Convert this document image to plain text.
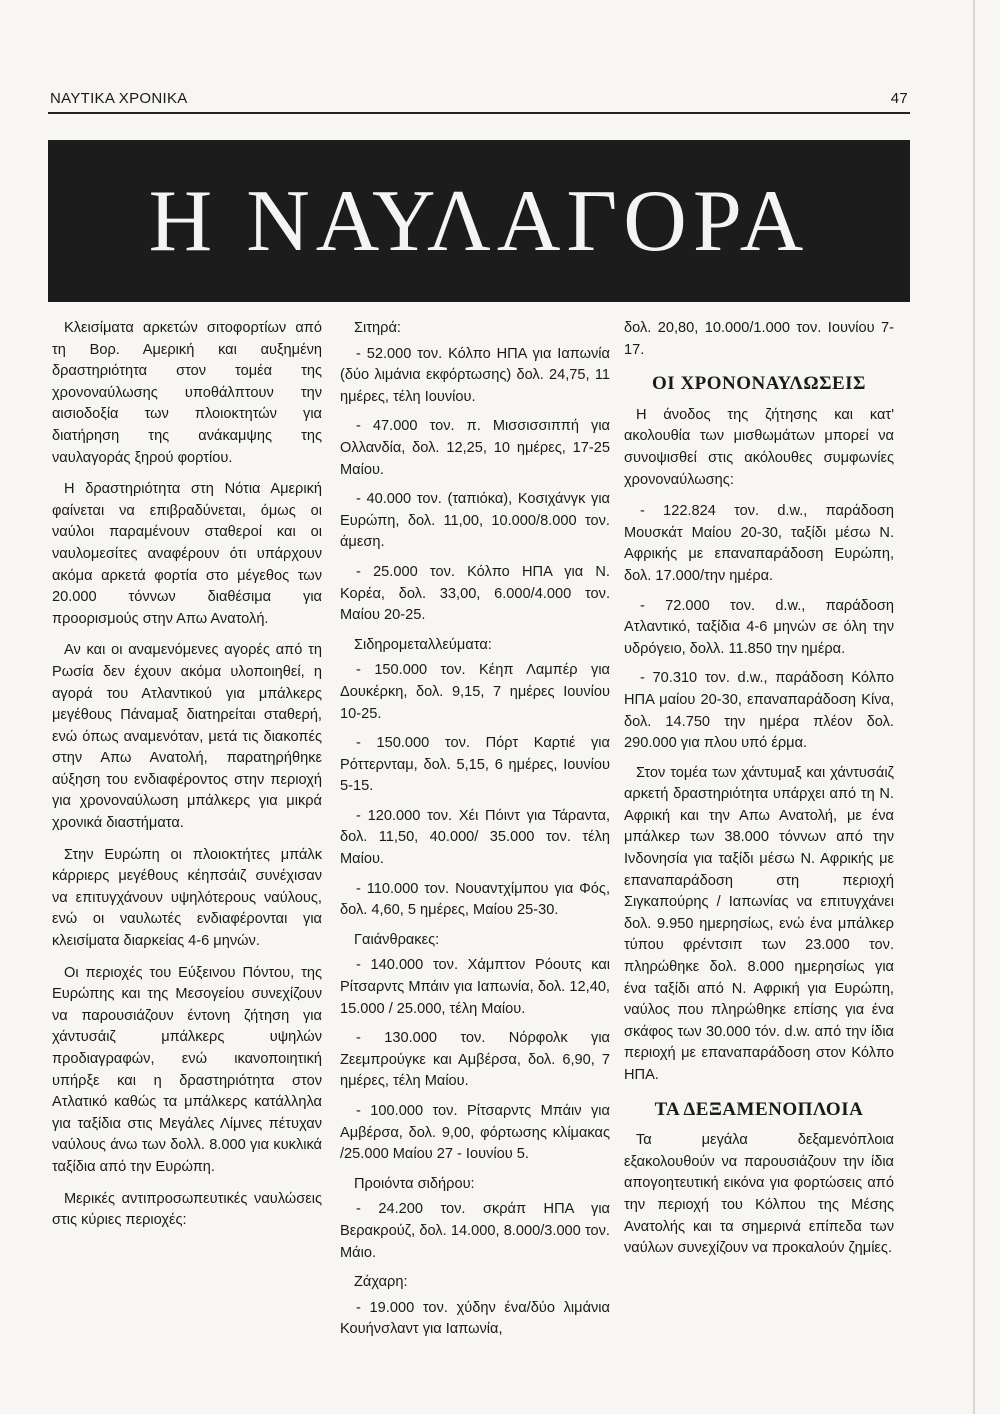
ΝΑΥΤΙΚΑ ΧΡΟΝΙΚΑ	47
Η ΝΑΥΛΑΓΟΡΑ

Κλεισίματα αρκετών σιτοφορτίων από τη Βορ. Αμερική και αυξημένη δραστηριότητα στον τομέα της χρονοναύλωσης υποθάλπτουν την αισιοδοξία των πλοιοκτητών για διατήρηση της ανάκαμψης της ναυλαγοράς ξηρού φορτίου.

Η δραστηριότητα στη Νότια Αμερική φαίνεται να επιβραδύνεται, όμως οι ναύλοι παραμένουν σταθεροί και οι ναυλομεσίτες αναφέρουν ότι υπάρχουν ακόμα αρκετά φορτία στο μέγεθος των 20.000 τόννων διαθέσιμα για προορισμούς στην Απω Ανατολή.

Αν και οι αναμενόμενες αγορές από τη Ρωσία δεν έχουν ακόμα υλοποιηθεί, η αγορά του Ατλαντικού για μπάλκερς μεγέθους Πάναμαξ διατηρείται σταθερή, ενώ όπως αναμενόταν, μετά τις διακοπές στην Απω Ανατολή, παρατηρήθηκε αύξηση του ενδιαφέροντος στην περιοχή για χρονοναύλωση μπάλκερς για μικρά χρονικά διαστήματα.

Στην Ευρώπη οι πλοιοκτήτες μπάλκ κάρριερς μεγέθους κέηπσάιζ συνέχισαν να επιτυγχάνουν υψηλότερους ναύλους, ενώ οι ναυλωτές ενδιαφέρονται για κλεισίματα διαρκείας 4-6 μηνών.

Οι περιοχές του Εύξεινου Πόντου, της Ευρώπης και της Μεσογείου συνεχίζουν να παρουσιάζουν έντονη ζήτηση για χάντυσάιζ μπάλκερς υψηλών προδιαγραφών, ενώ ικανοποιητική υπήρξε και η δραστηριότητα στον Ατλατικό καθώς τα μπάλκερς κατάλληλα για ταξίδια στις Μεγάλες Λίμνες πέτυχαν ναύλους άνω των δολλ. 8.000 για κυκλικά ταξίδια από την Ευρώπη.

Μερικές αντιπροσωπευτικές ναυλώσεις στις κύριες περιοχές:

Σιτηρά:

- 52.000 τον. Κόλπο ΗΠΑ για Ιαπωνία (δύο λιμάνια εκφόρτωσης) δολ. 24,75, 11 ημέρες, τέλη Ιουνίου.

- 47.000 τον. π. Μισσισσιππή για Ολλανδία, δολ. 12,25, 10 ημέρες, 17-25 Μαίου.

- 40.000 τον. (ταπιόκα), Κοσιχάνγκ για Ευρώπη, δολ. 11,00, 10.000/8.000 τον. άμεση.

- 25.000 τον. Κόλπο ΗΠΑ για Ν. Κορέα, δολ. 33,00, 6.000/4.000 τον. Μαίου 20-25.

Σιδηρομεταλλεύματα:

- 150.000 τον. Κέηπ Λαμπέρ για Δουκέρκη, δολ. 9,15, 7 ημέρες Ιουνίου 10-25.

- 150.000 τον. Πόρτ Καρτιέ για Ρόττερνταμ, δολ. 5,15, 6 ημέρες, Ιουνίου 5-15.

- 120.000 τον. Χέι Πόιντ για Τάραντα, δολ. 11,50, 40.000/ 35.000 τον. τέλη Μαίου.

- 110.000 τον. Νουαντχίμπου για Φός, δολ. 4,60, 5 ημέρες, Μαίου 25-30.

Γαιάνθρακες:

- 140.000 τον. Χάμπτον Ρόουτς και Ρίτσαρντς Μπάιν για Ιαπωνία, δολ. 12,40, 15.000 / 25.000, τέλη Μαίου.

- 130.000 τον. Νόρφολκ για Ζεεμπρούγκε και Αμβέρσα, δολ. 6,90, 7 ημέρες, τέλη Μαίου.

- 100.000 τον. Ρίτσαρντς Μπάιν για Αμβέρσα, δολ. 9,00, φόρτωσης κλίμακας /25.000 Μαίου 27 - Ιουνίου 5.

Προιόντα σιδήρου:

- 24.200 τον. σκράπ ΗΠΑ για Βερακρούζ, δολ. 14.000, 8.000/3.000 τον. Μάιο.

Ζάχαρη:

- 19.000 τον. χύδην ένα/δύο λιμάνια Κουήνσλαντ για Ιαπωνία,

δολ. 20,80, 10.000/1.000 τον. Ιουνίου 7-17.

ΟΙ ΧΡΟΝΟΝΑΥΛΩΣΕΙΣ

Η άνοδος της ζήτησης και κατ' ακολουθία των μισθωμάτων μπορεί να συνοψισθεί στις ακόλουθες συμφωνίες χρονοναύλωσης:

- 122.824 τον. d.w., παράδοση Μουσκάτ Μαίου 20-30, ταξίδι μέσω Ν. Αφρικής με επαναπαράδοση Ευρώπη, δολ. 17.000/την ημέρα.

- 72.000 τον. d.w., παράδοση Ατλαντικό, ταξίδια 4-6 μηνών σε όλη την υδρόγειο, δολλ. 11.850 την ημέρα.

- 70.310 τον. d.w., παράδοση Κόλπο ΗΠΑ μαίου 20-30, επαναπαράδοση Κίνα, δολ. 14.750 την ημέρα πλέον δολ. 290.000 για πλου υπό έρμα.

Στον τομέα των χάντυμαξ και χάντυσάιζ αρκετή δραστηριότητα υπάρχει από τη Ν. Αφρική και την Απω Ανατολή, με ένα μπάλκερ των 38.000 τόννων από την Ινδονησία για ταξίδι μέσω Ν. Αφρικής με επαναπαράδοση στη περιοχή Σιγκαπούρης / Ιαπωνίας να επιτυγχάνει δολ. 9.950 ημερησίως, ενώ ένα μπάλκερ τύπου φρέντσιπ των 23.000 τον. πληρώθηκε δολ. 8.000 ημερησίως για ένα ταξίδι από Ν. Αφρική για Ευρώπη, ναύλος που πληρώθηκε επίσης για ένα σκάφος των 30.000 τόν. d.w. από την ίδια περιοχή με επαναπαράδοση στον Κόλπο ΗΠΑ.

ΤΑ ΔΕΞΑΜΕΝΟΠΛΟΙΑ

Τα μεγάλα δεξαμενόπλοια εξακολουθούν να παρουσιάζουν την ίδια απογοητευτική εικόνα για φορτώσεις από την περιοχή του Κόλπου της Μέσης Ανατολής και τα σημερινά επίπεδα των ναύλων συνεχίζουν να προκαλούν ζημίες.
